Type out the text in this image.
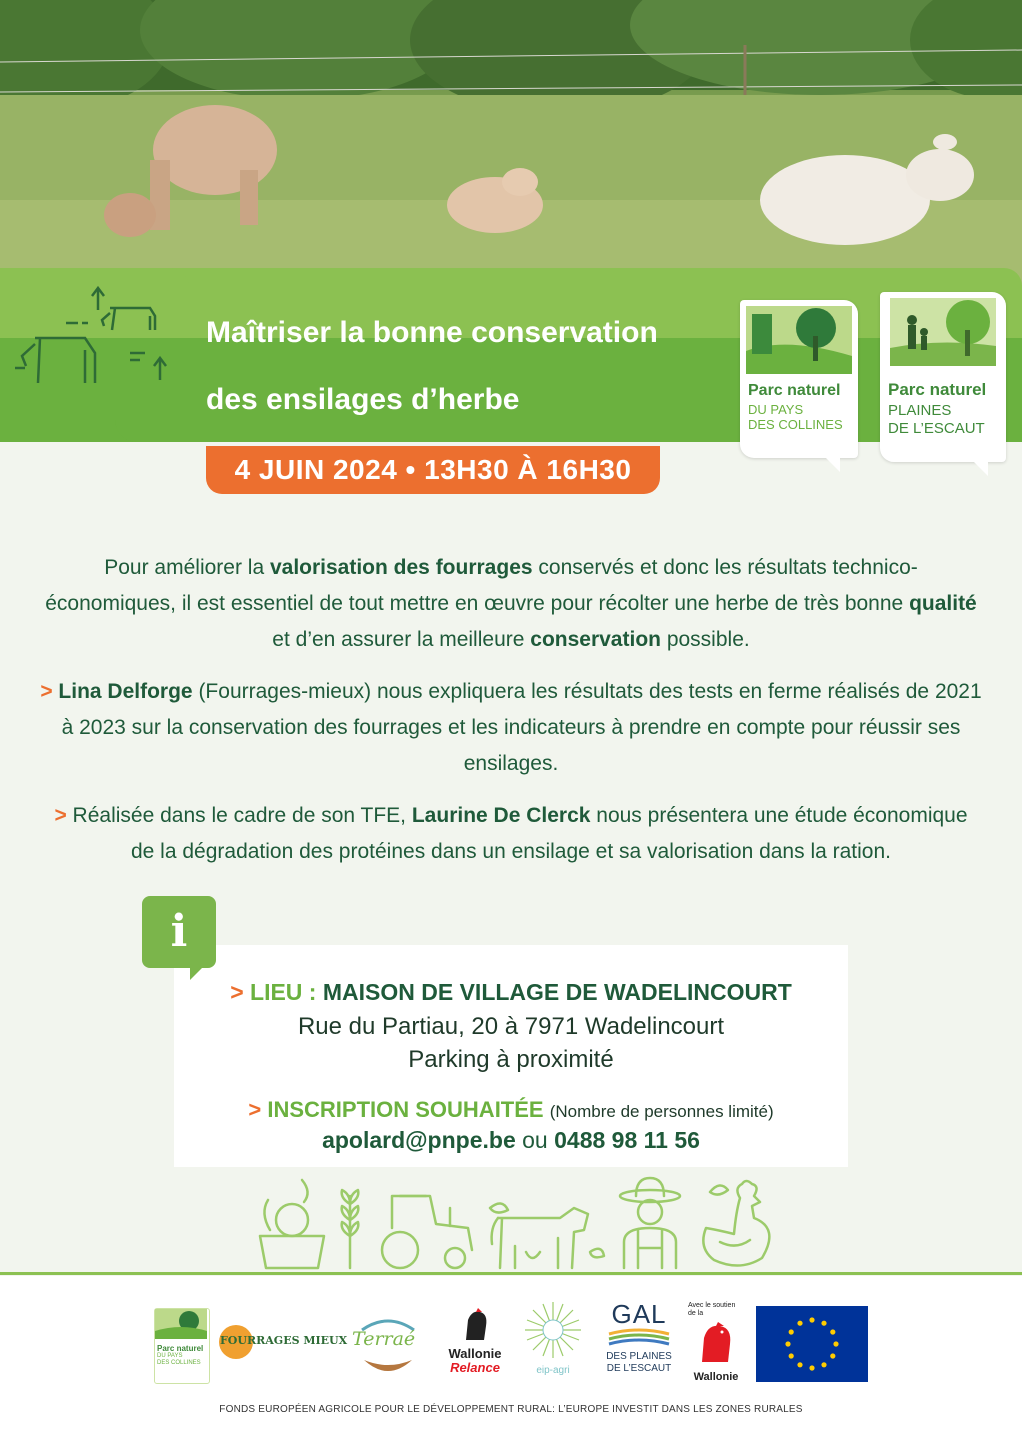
Maîtriser la bonne conservation
des ensilages d’herbe
4 JUIN 2024 • 13H30 À 16H30
Parc naturel
DU PAYS
DES COLLINES
Parc naturel
PLAINES
DE L’ESCAUT
Pour améliorer la valorisation des fourrages conservés et donc les résultats technico-économiques, il est essentiel de tout mettre en œuvre pour récolter une herbe de très bonne qualité et d’en assurer la meilleure conservation possible.
> Lina Delforge (Fourrages-mieux) nous expliquera les résultats des tests en ferme réalisés de 2021 à 2023 sur la conservation des fourrages et les indicateurs à prendre en compte pour réussir ses ensilages.
> Réalisée dans le cadre de son TFE, Laurine De Clerck nous présentera une étude économique de la dégradation des protéines dans un ensilage et sa valorisation dans la ration.
> LIEU : MAISON DE VILLAGE DE WADELINCOURT
Rue du Partiau, 20 à 7971 Wadelincourt
Parking à proximité
> INSCRIPTION SOUHAITÉE (Nombre de personnes limité)
apolard@pnpe.be ou 0488 98 11 56
i
Parc naturel
DU PAYS
DES COLLINES
FOURRAGES MIEUX Terraé
Wallonie
Relance	eip-agri
GAL
DES PLAINES
DE L’ESCAUT
Avec le soutien de la
Wallonie
FONDS EUROPÉEN AGRICOLE POUR LE DÉVELOPPEMENT RURAL: L’EUROPE INVESTIT DANS LES ZONES RURALES
